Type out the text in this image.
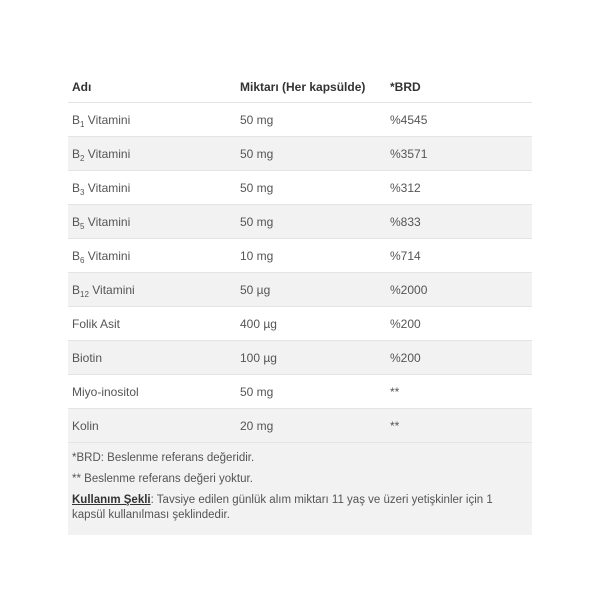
Adı	Miktarı (Her kapsülde)	*BRD
$B_1$ Vitamini	50 mg	%4545
$B_2$ Vitamini	50 mg	%3571
$B_3$ Vitamini	50 mg	%312
$B_5$ Vitamini	50 mg	%833
$B_6$ Vitamini	10 mg	%714
$B_{12}$ Vitamini	50 µg	%2000
Folik Asit	400 µg	%200
Biotin	100 µg	%200
Miyo-inositol	50 mg	**
Kolin	20 mg	**

*BRD: Beslenme referans değeridir.

** Beslenme referans değeri yoktur.

Kullanım Şekli: Tavsiye edilen günlük alım miktarı 11 yaş ve üzeri yetişkinler için 1 kapsül kullanılması şeklindedir.
